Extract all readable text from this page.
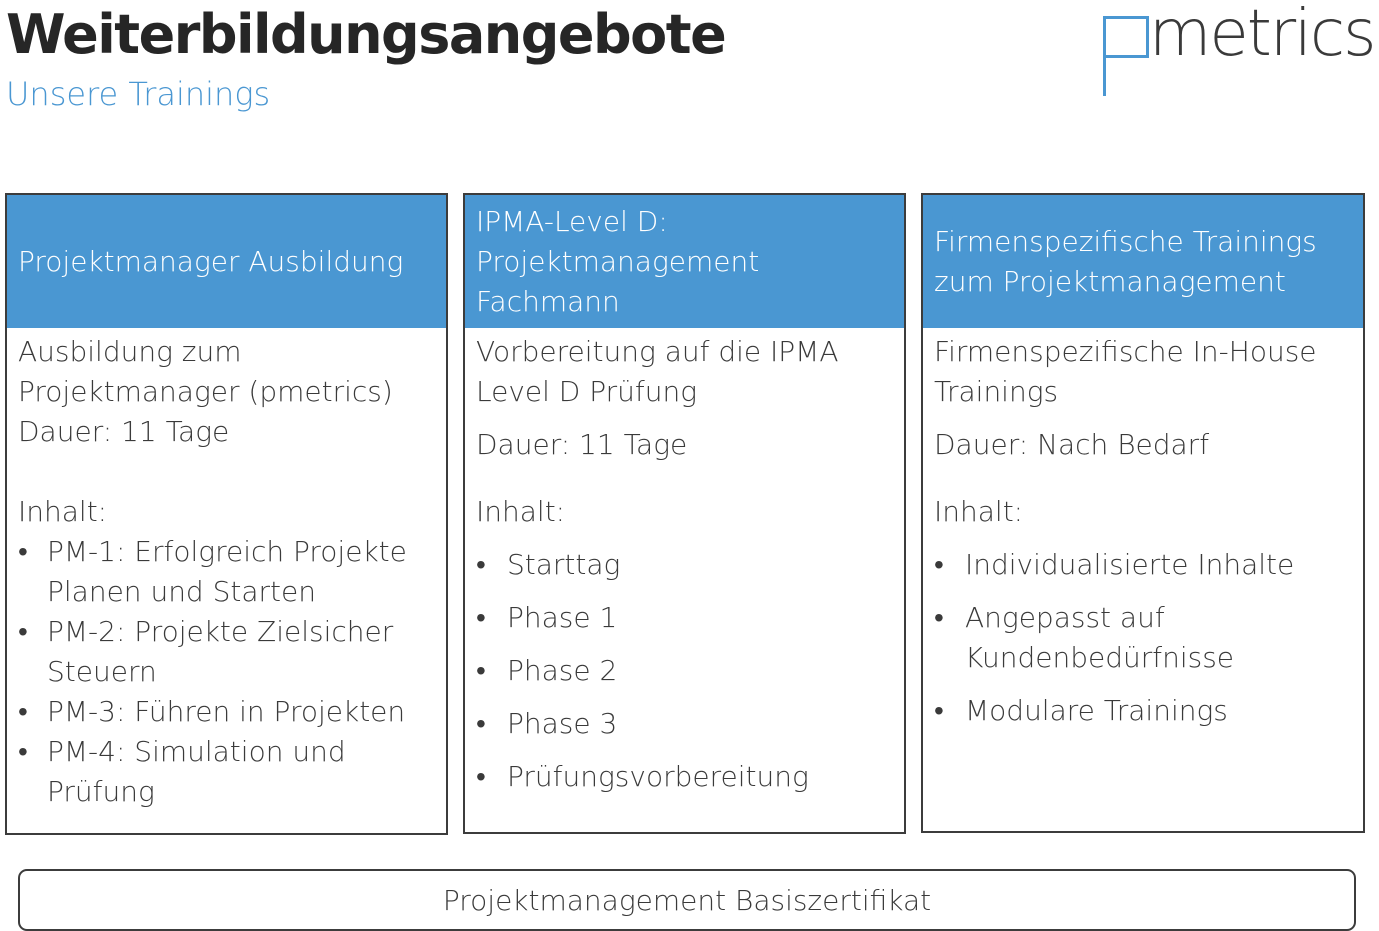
Weiterbildungsangebote
Unsere Trainings
metrics
Projektmanager Ausbildung

Ausbildung zum
Projektmanager (pmetrics)

Dauer: 11 Tage

Inhalt:

• PM-1: Erfolgreich Projekte
Planen und Starten
• PM-2: Projekte Zielsicher
Steuern
• PM-3: Führen in Projekten
• PM-4: Simulation und
Prüfung
IPMA-Level D:
Projektmanagement
Fachmann

Vorbereitung auf die IPMA
Level D Prüfung

Dauer: 11 Tage

Inhalt:

• Starttag
• Phase 1
• Phase 2
• Phase 3
• Prüfungsvorbereitung
Firmenspezifische Trainings
zum Projektmanagement

Firmenspezifische In-House
Trainings

Dauer: Nach Bedarf

Inhalt:

• Individualisierte Inhalte
• Angepasst auf
Kundenbedürfnisse
• Modulare Trainings
Projektmanagement Basiszertifikat
